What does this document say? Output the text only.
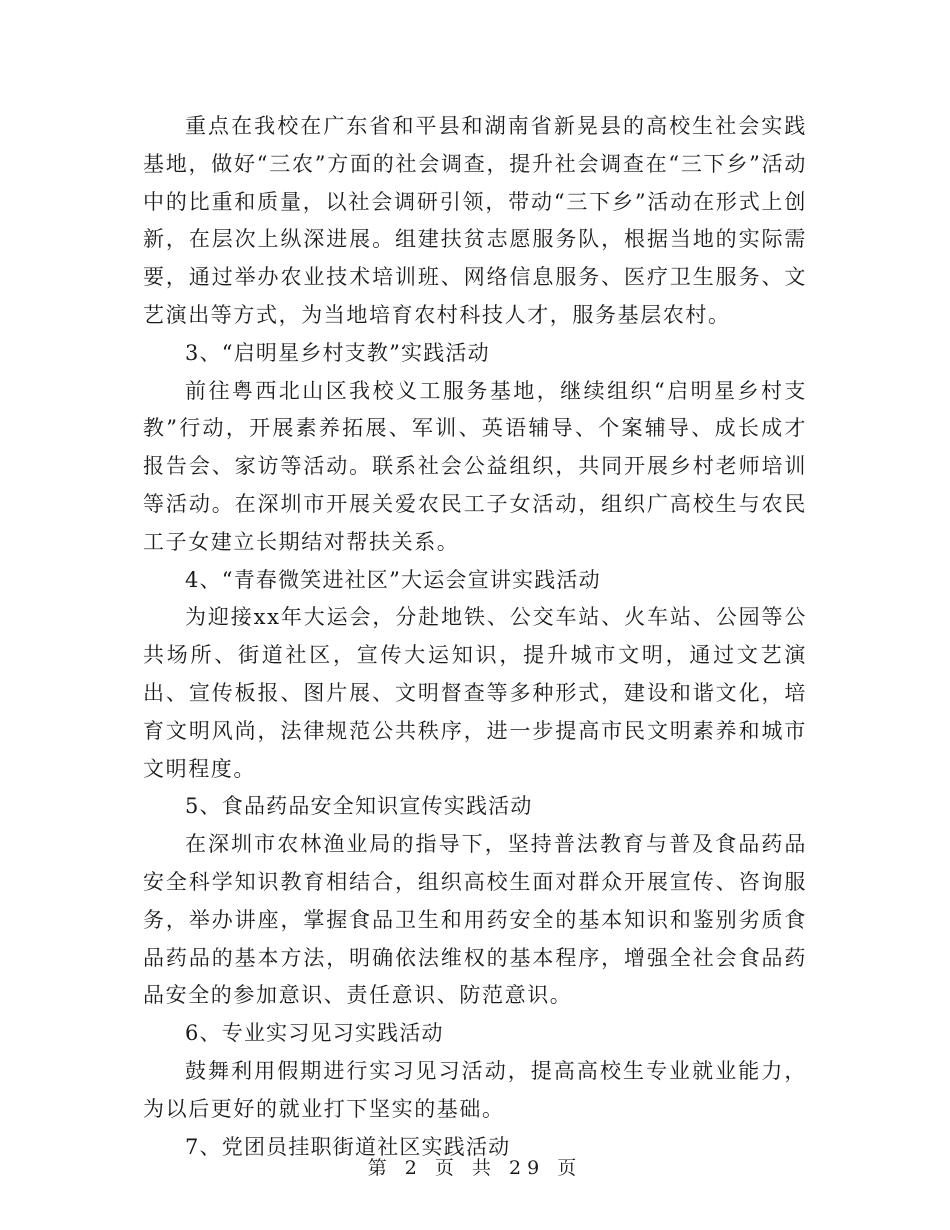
重点在我校在广东省和平县和湖南省新晃县的高校生社会实践基地，做好“三农”方面的社会调查，提升社会调查在“三下乡”活动中的比重和质量，以社会调研引领，带动“三下乡”活动在形式上创新，在层次上纵深进展。组建扶贫志愿服务队，根据当地的实际需要，通过举办农业技术培训班、网络信息服务、医疗卫生服务、文艺演出等方式，为当地培育农村科技人才，服务基层农村。

3、“启明星乡村支教”实践活动

前往粤西北山区我校义工服务基地，继续组织“启明星乡村支教”行动，开展素养拓展、军训、英语辅导、个案辅导、成长成才报告会、家访等活动。联系社会公益组织，共同开展乡村老师培训等活动。在深圳市开展关爱农民工子女活动，组织广高校生与农民工子女建立长期结对帮扶关系。

4、“青春微笑进社区”大运会宣讲实践活动

为迎接xx年大运会，分赴地铁、公交车站、火车站、公园等公共场所、街道社区，宣传大运知识，提升城市文明，通过文艺演出、宣传板报、图片展、文明督查等多种形式，建设和谐文化，培育文明风尚，法律规范公共秩序，进一步提高市民文明素养和城市文明程度。

5、食品药品安全知识宣传实践活动

在深圳市农林渔业局的指导下，坚持普法教育与普及食品药品安全科学知识教育相结合，组织高校生面对群众开展宣传、咨询服务，举办讲座，掌握食品卫生和用药安全的基本知识和鉴别劣质食品药品的基本方法，明确依法维权的基本程序，增强全社会食品药品安全的参加意识、责任意识、防范意识。

6、专业实习见习实践活动

鼓舞利用假期进行实习见习活动，提高高校生专业就业能力，为以后更好的就业打下坚实的基础。

7、党团员挂职街道社区实践活动

第 2 页 共 29 页
